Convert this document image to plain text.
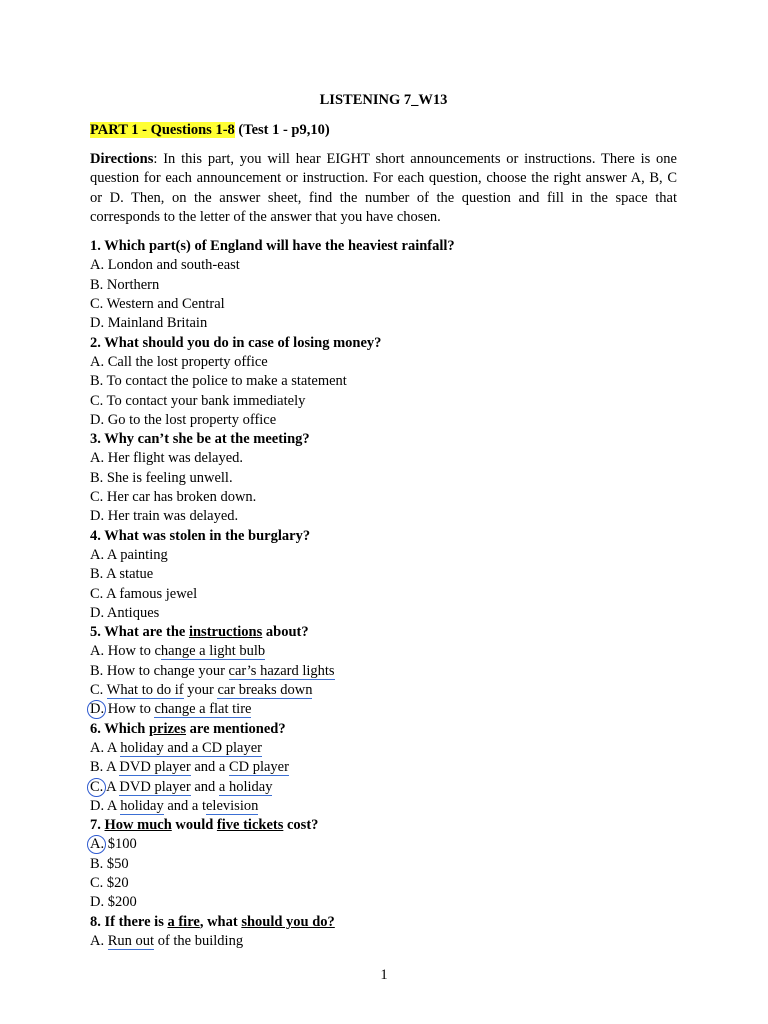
LISTENING 7_W13

PART 1 - Questions 1-8 (Test 1 - p9,10)

Directions: In this part, you will hear EIGHT short announcements or instructions. There is one question for each announcement or instruction. For each question, choose the right answer A, B, C or D. Then, on the answer sheet, find the number of the question and fill in the space that corresponds to the letter of the answer that you have chosen.

1. Which part(s) of England will have the heaviest rainfall?

A. London and south-east

B. Northern

C. Western and Central

D. Mainland Britain

2. What should you do in case of losing money?

A. Call the lost property office

B. To contact the police to make a statement

C. To contact your bank immediately

D. Go to the lost property office

3. Why can’t she be at the meeting?

A. Her flight was delayed.

B. She is feeling unwell.

C. Her car has broken down.

D. Her train was delayed.

4. What was stolen in the burglary?

A. A painting

B. A statue

C. A famous jewel

D. Antiques

5. What are the instructions about?

A. How to change a light bulb

B. How to change your car’s hazard lights

C. What to do if your car breaks down

D. How to change a flat tire

6. Which prizes are mentioned?

A. A holiday and a CD player

B. A DVD player and a CD player

C. A DVD player and a holiday

D. A holiday and a television

7. How much would five tickets cost?

A. $100

B. $50

C. $20

D. $200

8. If there is a fire, what should you do?

A. Run out of the building

1
